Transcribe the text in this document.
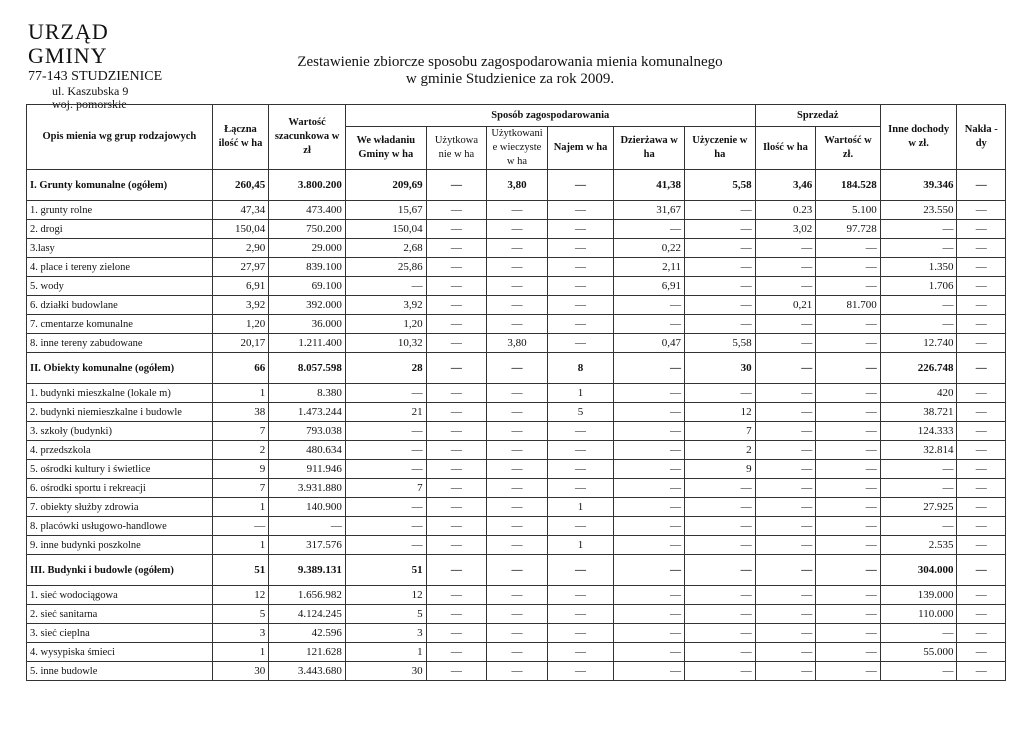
URZĄD GMINY
77-143 STUDZIENICE
ul. Kaszubska 9
woj. pomorskie
Zestawienie zbiorcze sposobu zagospodarowania mienia komunalnego
w gminie Studzienice za rok 2009.
Opis mienia wg grup rodzajowych	Łączna ilość w ha	Wartość szacunkowa w zł	Sposób zagospodarowania						Sprzedaż		Inne dochody w zł.	Nakła -dy
			We władaniu Gminy w ha	Użytkowa nie w ha	Użytkowani e wieczyste w ha	Najem w ha	Dzierżawa w ha	Użyczenie w ha	Ilość w ha	Wartość w zł.		
I. Grunty komunalne (ogółem)	260,45	3.800.200	209,69	—	3,80	—	41,38	5,58	3,46	184.528	39.346	—
1. grunty rolne	47,34	473.400	15,67	—	—	—	31,67	—	0.23	5.100	23.550	—
2. drogi	150,04	750.200	150,04	—	—	—	—	—	3,02	97.728	—	—
3.lasy	2,90	29.000	2,68	—	—	—	0,22	—	—	—	—	—
4. place i tereny zielone	27,97	839.100	25,86	—	—	—	2,11	—	—	—	1.350	—
5. wody	6,91	69.100	—	—	—	—	6,91	—	—	—	1.706	—
6. działki budowlane	3,92	392.000	3,92	—	—	—	—	—	0,21	81.700	—	—
7. cmentarze komunalne	1,20	36.000	1,20	—	—	—	—	—	—	—	—	—
8. inne tereny zabudowane	20,17	1.211.400	10,32	—	3,80	—	0,47	5,58	—	—	12.740	—
II. Obiekty komunalne (ogółem)	66	8.057.598	28	—	—	8	—	30	—	—	226.748	—
1. budynki mieszkalne (lokale m)	1	8.380	—	—	—	1	—	—	—	—	420	—
2. budynki niemieszkalne i budowle	38	1.473.244	21	—	—	5	—	12	—	—	38.721	—
3. szkoły (budynki)	7	793.038	—	—	—	—	—	7	—	—	124.333	—
4. przedszkola	2	480.634	—	—	—	—	—	2	—	—	32.814	—
5. ośrodki kultury i świetlice	9	911.946	—	—	—	—	—	9	—	—	—	—
6. ośrodki sportu i rekreacji	7	3.931.880	7	—	—	—	—	—	—	—	—	—
7. obiekty służby zdrowia	1	140.900	—	—	—	1	—	—	—	—	27.925	—
8. placówki usługowo-handlowe	—	—	—	—	—	—	—	—	—	—	—	—
9. inne budynki poszkolne	1	317.576	—	—	—	1	—	—	—	—	2.535	—
III. Budynki i budowle (ogółem)	51	9.389.131	51	—	—	—	—	—	—	—	304.000	—
1. sieć wodociągowa	12	1.656.982	12	—	—	—	—	—	—	—	139.000	—
2. sieć sanitarna	5	4.124.245	5	—	—	—	—	—	—	—	110.000	—
3. sieć cieplna	3	42.596	3	—	—	—	—	—	—	—	—	—
4. wysypiska śmieci	1	121.628	1	—	—	—	—	—	—	—	55.000	—
5. inne budowle	30	3.443.680	30	—	—	—	—	—	—	—	—	—
